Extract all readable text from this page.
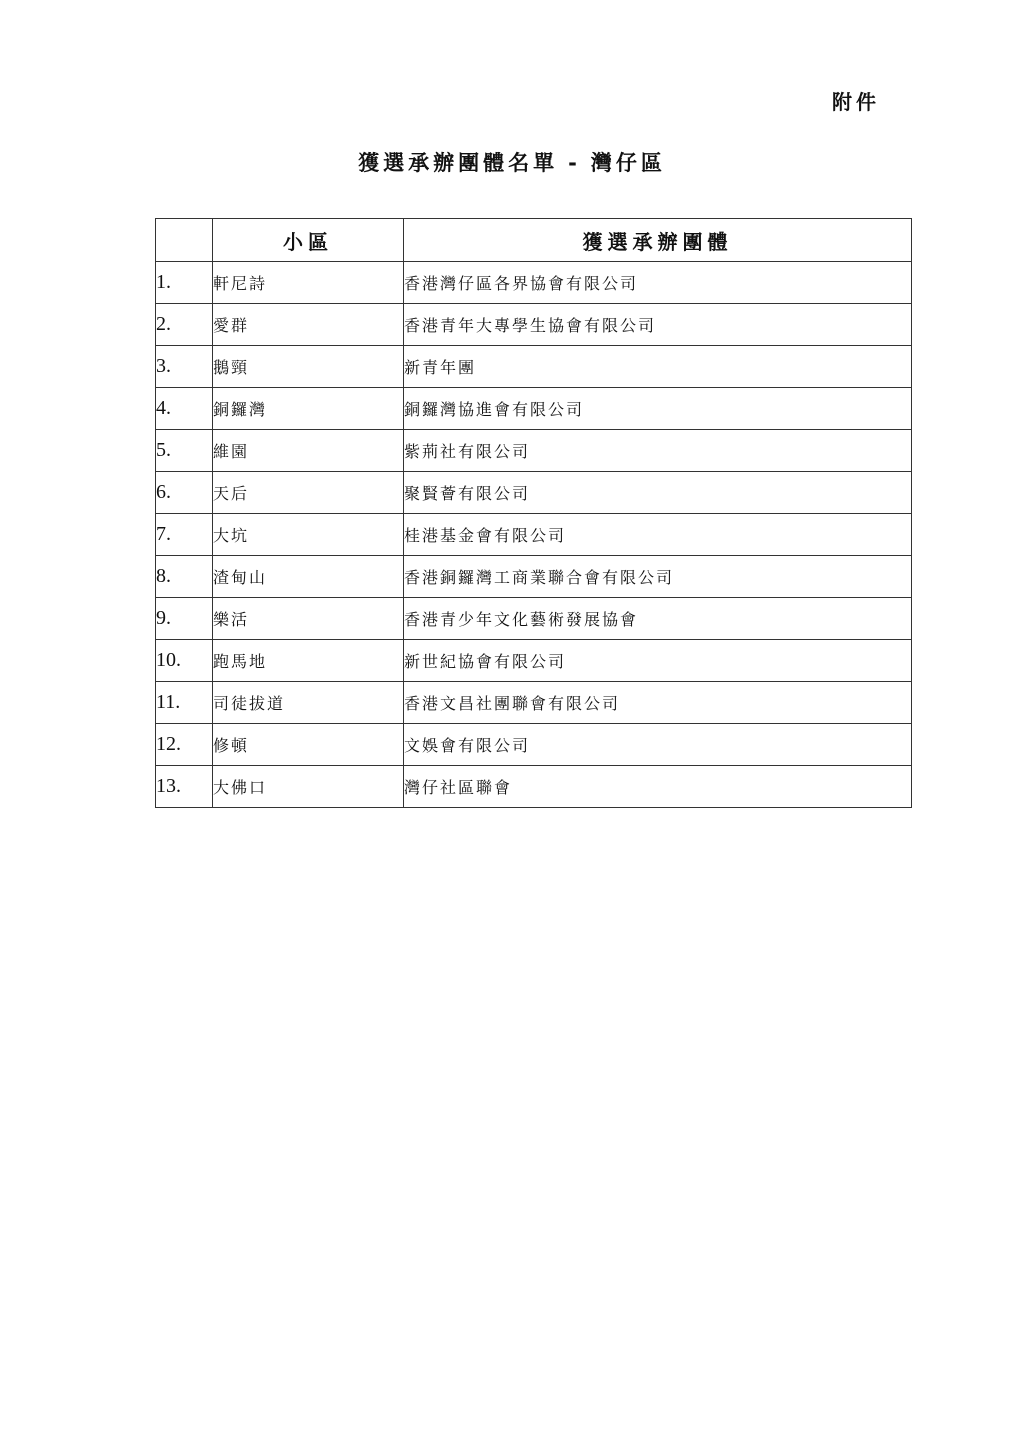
附件
獲選承辦團體名單 - 灣仔區
	小區	獲選承辦團體
1.	軒尼詩	香港灣仔區各界協會有限公司
2.	愛群	香港青年大專學生協會有限公司
3.	鵝頸	新青年團
4.	銅鑼灣	銅鑼灣協進會有限公司
5.	維園	紫荊社有限公司
6.	天后	聚賢薈有限公司
7.	大坑	桂港基金會有限公司
8.	渣甸山	香港銅鑼灣工商業聯合會有限公司
9.	樂活	香港青少年文化藝術發展協會
10.	跑馬地	新世紀協會有限公司
11.	司徒拔道	香港文昌社團聯會有限公司
12.	修頓	文娛會有限公司
13.	大佛口	灣仔社區聯會
